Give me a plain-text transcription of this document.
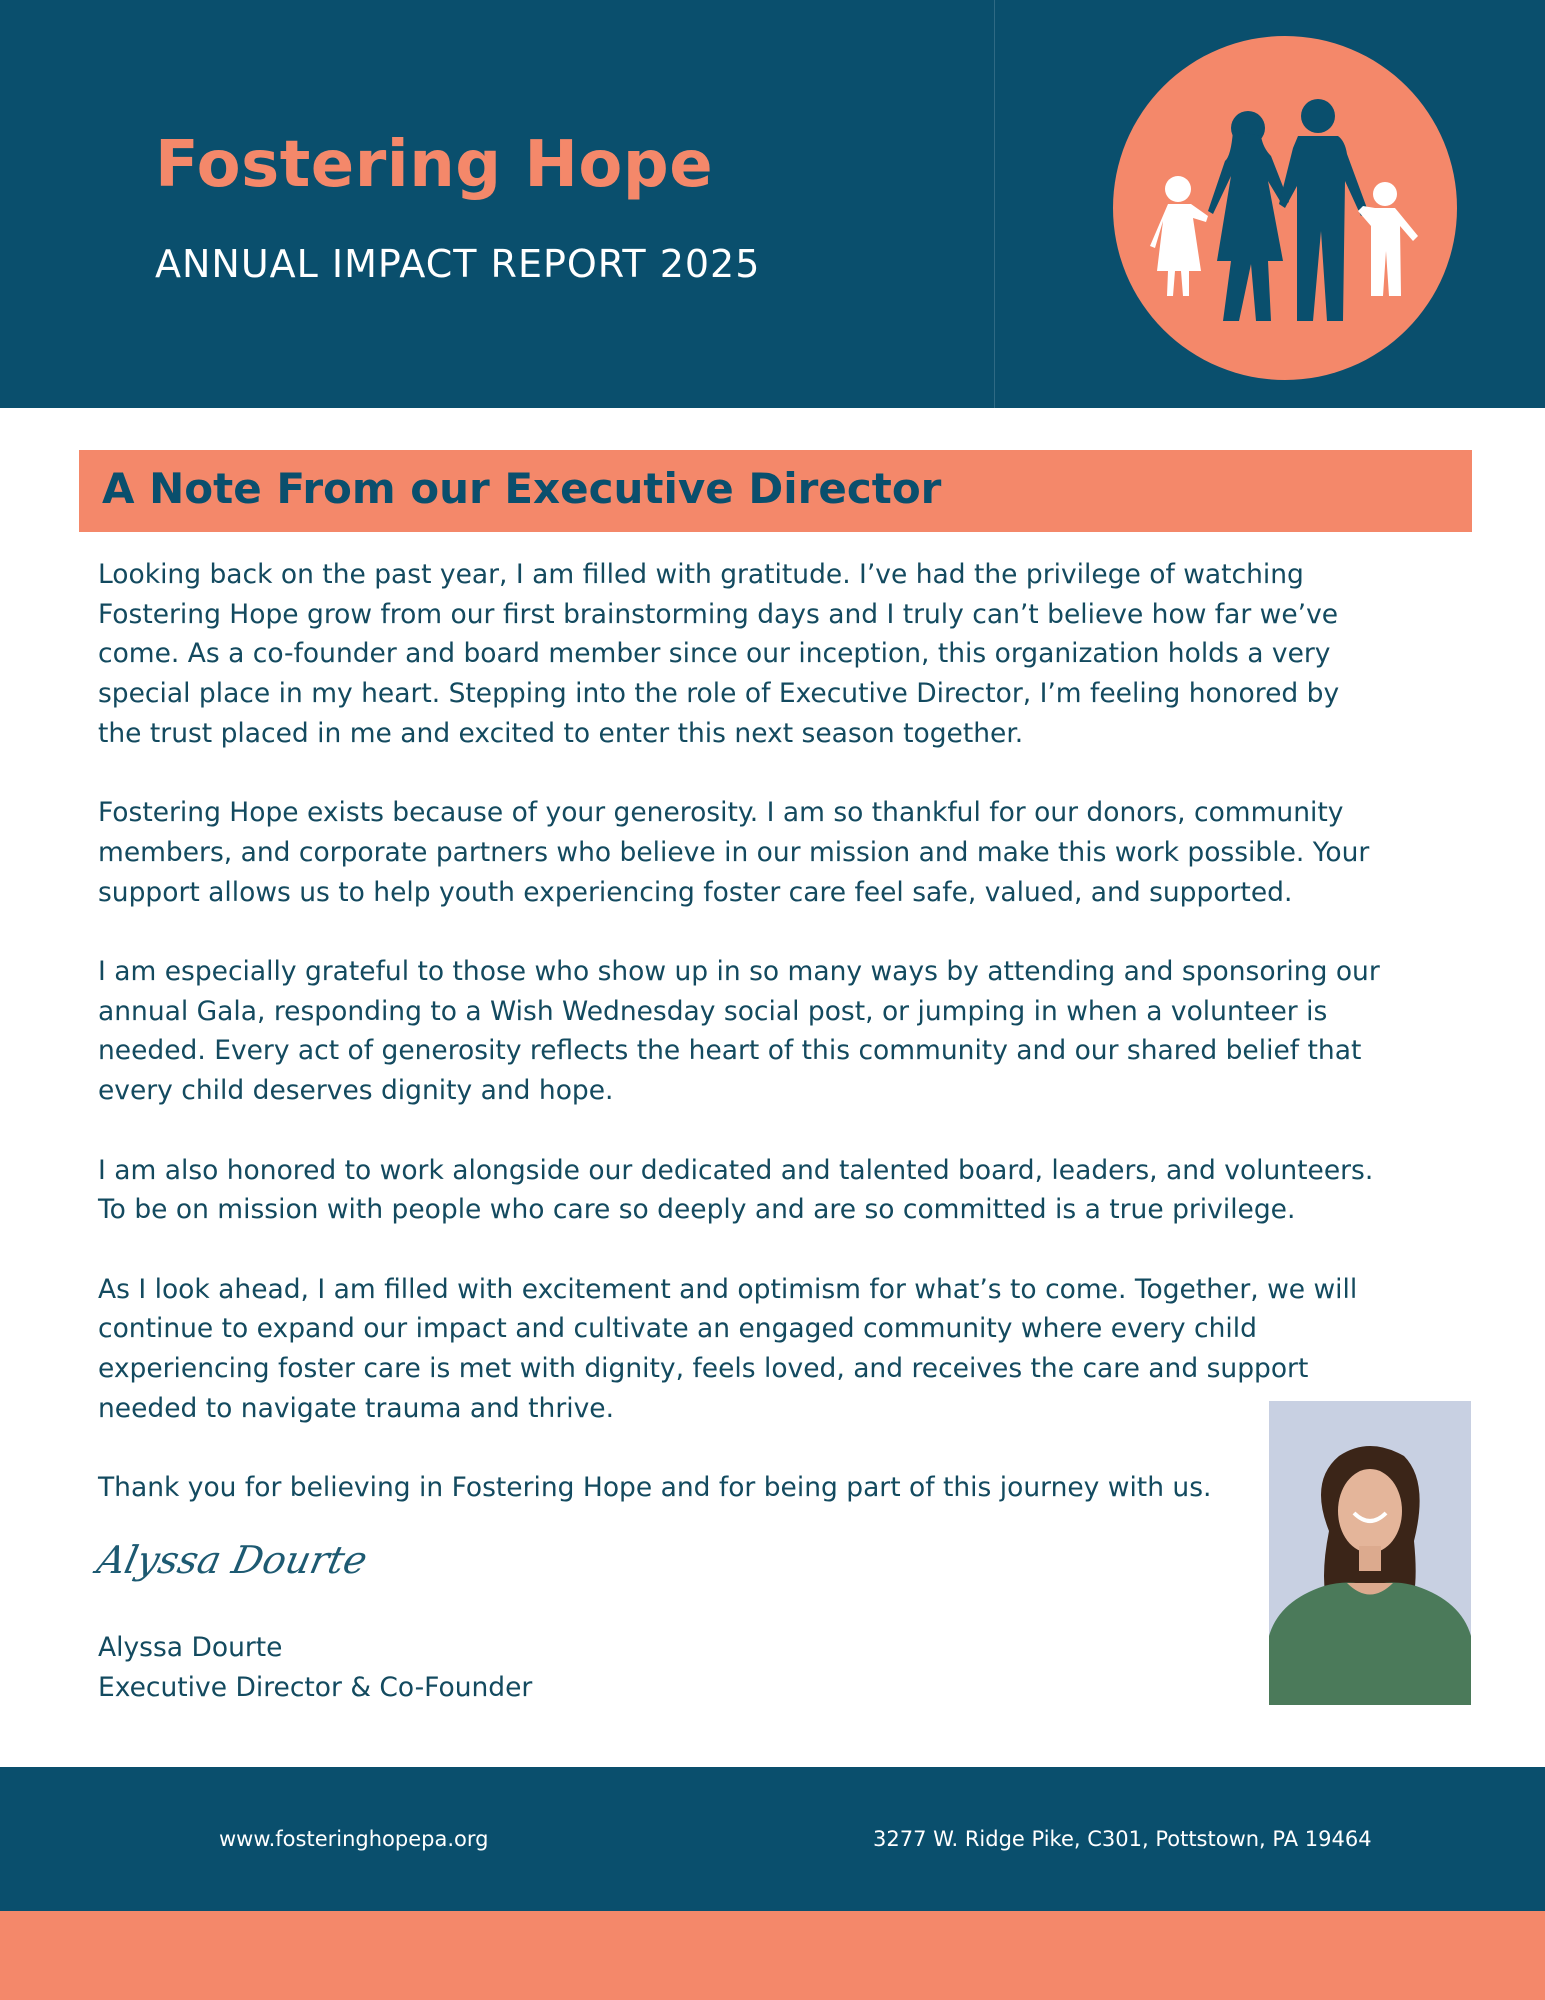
Fostering Hope
ANNUAL IMPACT REPORT 2025
A Note From our Executive Director

Looking back on the past year, I am filled with gratitude. I’ve had the privilege of watching
Fostering Hope grow from our first brainstorming days and I truly can’t believe how far we’ve
come. As a co-founder and board member since our inception, this organization holds a very
special place in my heart. Stepping into the role of Executive Director, I’m feeling honored by
the trust placed in me and excited to enter this next season together.

Fostering Hope exists because of your generosity. I am so thankful for our donors, community
members, and corporate partners who believe in our mission and make this work possible. Your
support allows us to help youth experiencing foster care feel safe, valued, and supported.

I am especially grateful to those who show up in so many ways by attending and sponsoring our
annual Gala, responding to a Wish Wednesday social post, or jumping in when a volunteer is
needed. Every act of generosity reflects the heart of this community and our shared belief that
every child deserves dignity and hope.

I am also honored to work alongside our dedicated and talented board, leaders, and volunteers.
To be on mission with people who care so deeply and are so committed is a true privilege.

As I look ahead, I am filled with excitement and optimism for what’s to come. Together, we will
continue to expand our impact and cultivate an engaged community where every child
experiencing foster care is met with dignity, feels loved, and receives the care and support
needed to navigate trauma and thrive.

Thank you for believing in Fostering Hope and for being part of this journey with us.

Alyssa Dourte
Alyssa Dourte
Executive Director & Co-Founder
www.fosteringhopepa.org	3277 W. Ridge Pike, C301, Pottstown, PA 19464
